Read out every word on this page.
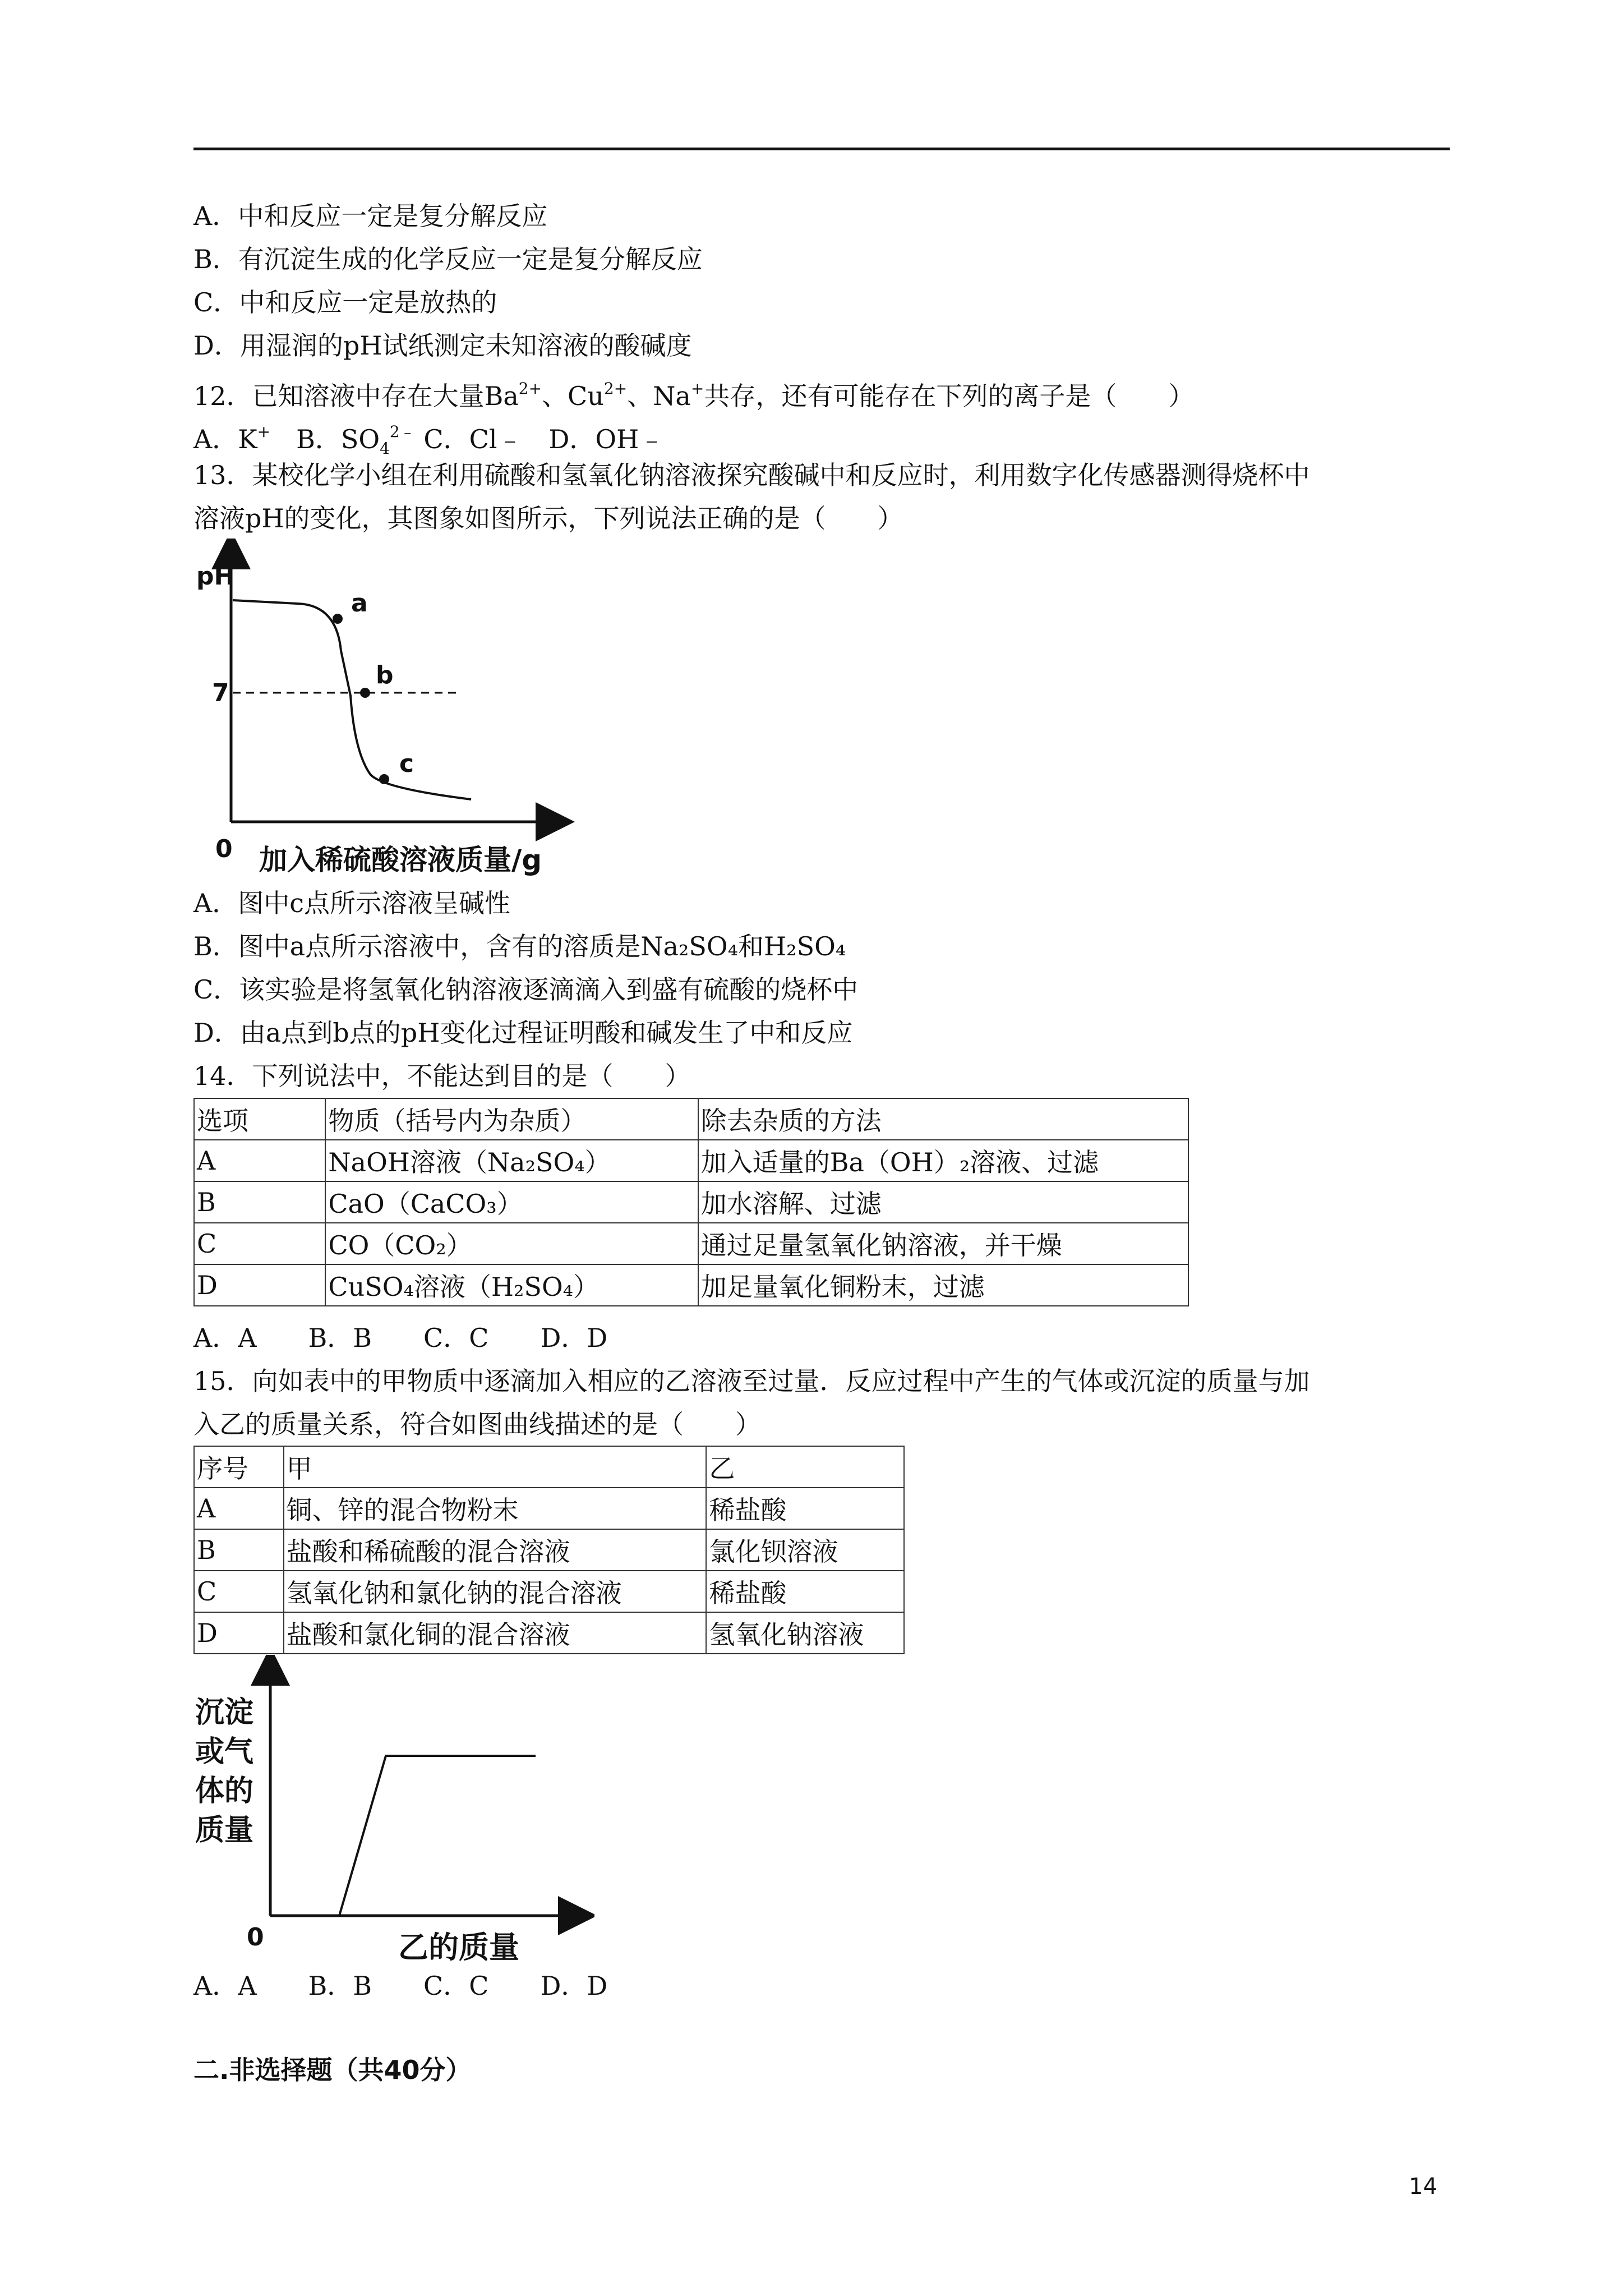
A．中和反应一定是复分解反应
B．有沉淀生成的化学反应一定是复分解反应
C．中和反应一定是放热的
D．用湿润的pH试纸测定未知溶液的酸碱度
12．已知溶液中存在大量$Ba^{2+}$、$Cu^{2+}$、Na+共存，还有可能存在下列的离子是（　　）
A．K+　B．$SO_4^{2﹣}$ C．Cl﹣　 D．OH﹣
13．某校化学小组在利用硫酸和氢氧化钠溶液探究酸碱中和反应时，利用数字化传感器测得烧杯中
溶液pH的变化，其图象如图所示，下列说法正确的是（　　）
pH
7
a
b
c
0 加入稀硫酸溶液质量/g
A．图中c点所示溶液呈碱性
B．图中a点所示溶液中，含有的溶质是Na₂SO₄和H₂SO₄
C．该实验是将氢氧化钠溶液逐滴滴入到盛有硫酸的烧杯中
D．由a点到b点的pH变化过程证明酸和碱发生了中和反应
14．下列说法中，不能达到目的是（　　）
选项	物质（括号内为杂质）	除去杂质的方法
A	NaOH溶液（Na₂SO₄）	加入适量的Ba（OH）₂溶液、过滤
B	CaO（CaCO₃）	加水溶解、过滤
C	CO（CO₂）	通过足量氢氧化钠溶液，并干燥
D	CuSO₄溶液（H₂SO₄）	加足量氧化铜粉末，过滤
A．A　　B．B　　C．C　　D．D
15．向如表中的甲物质中逐滴加入相应的乙溶液至过量．反应过程中产生的气体或沉淀的质量与加
入乙的质量关系，符合如图曲线描述的是（　　）
序号	甲	乙
A	铜、锌的混合物粉末	稀盐酸
B	盐酸和稀硫酸的混合溶液	氯化钡溶液
C	氢氧化钠和氯化钠的混合溶液	稀盐酸
D	盐酸和氯化铜的混合溶液	氢氧化钠溶液
沉淀
或气
体的
质量
0	乙的质量
A．A　　B．B　　C．C　　D．D
二.非选择题（共40分）
14
